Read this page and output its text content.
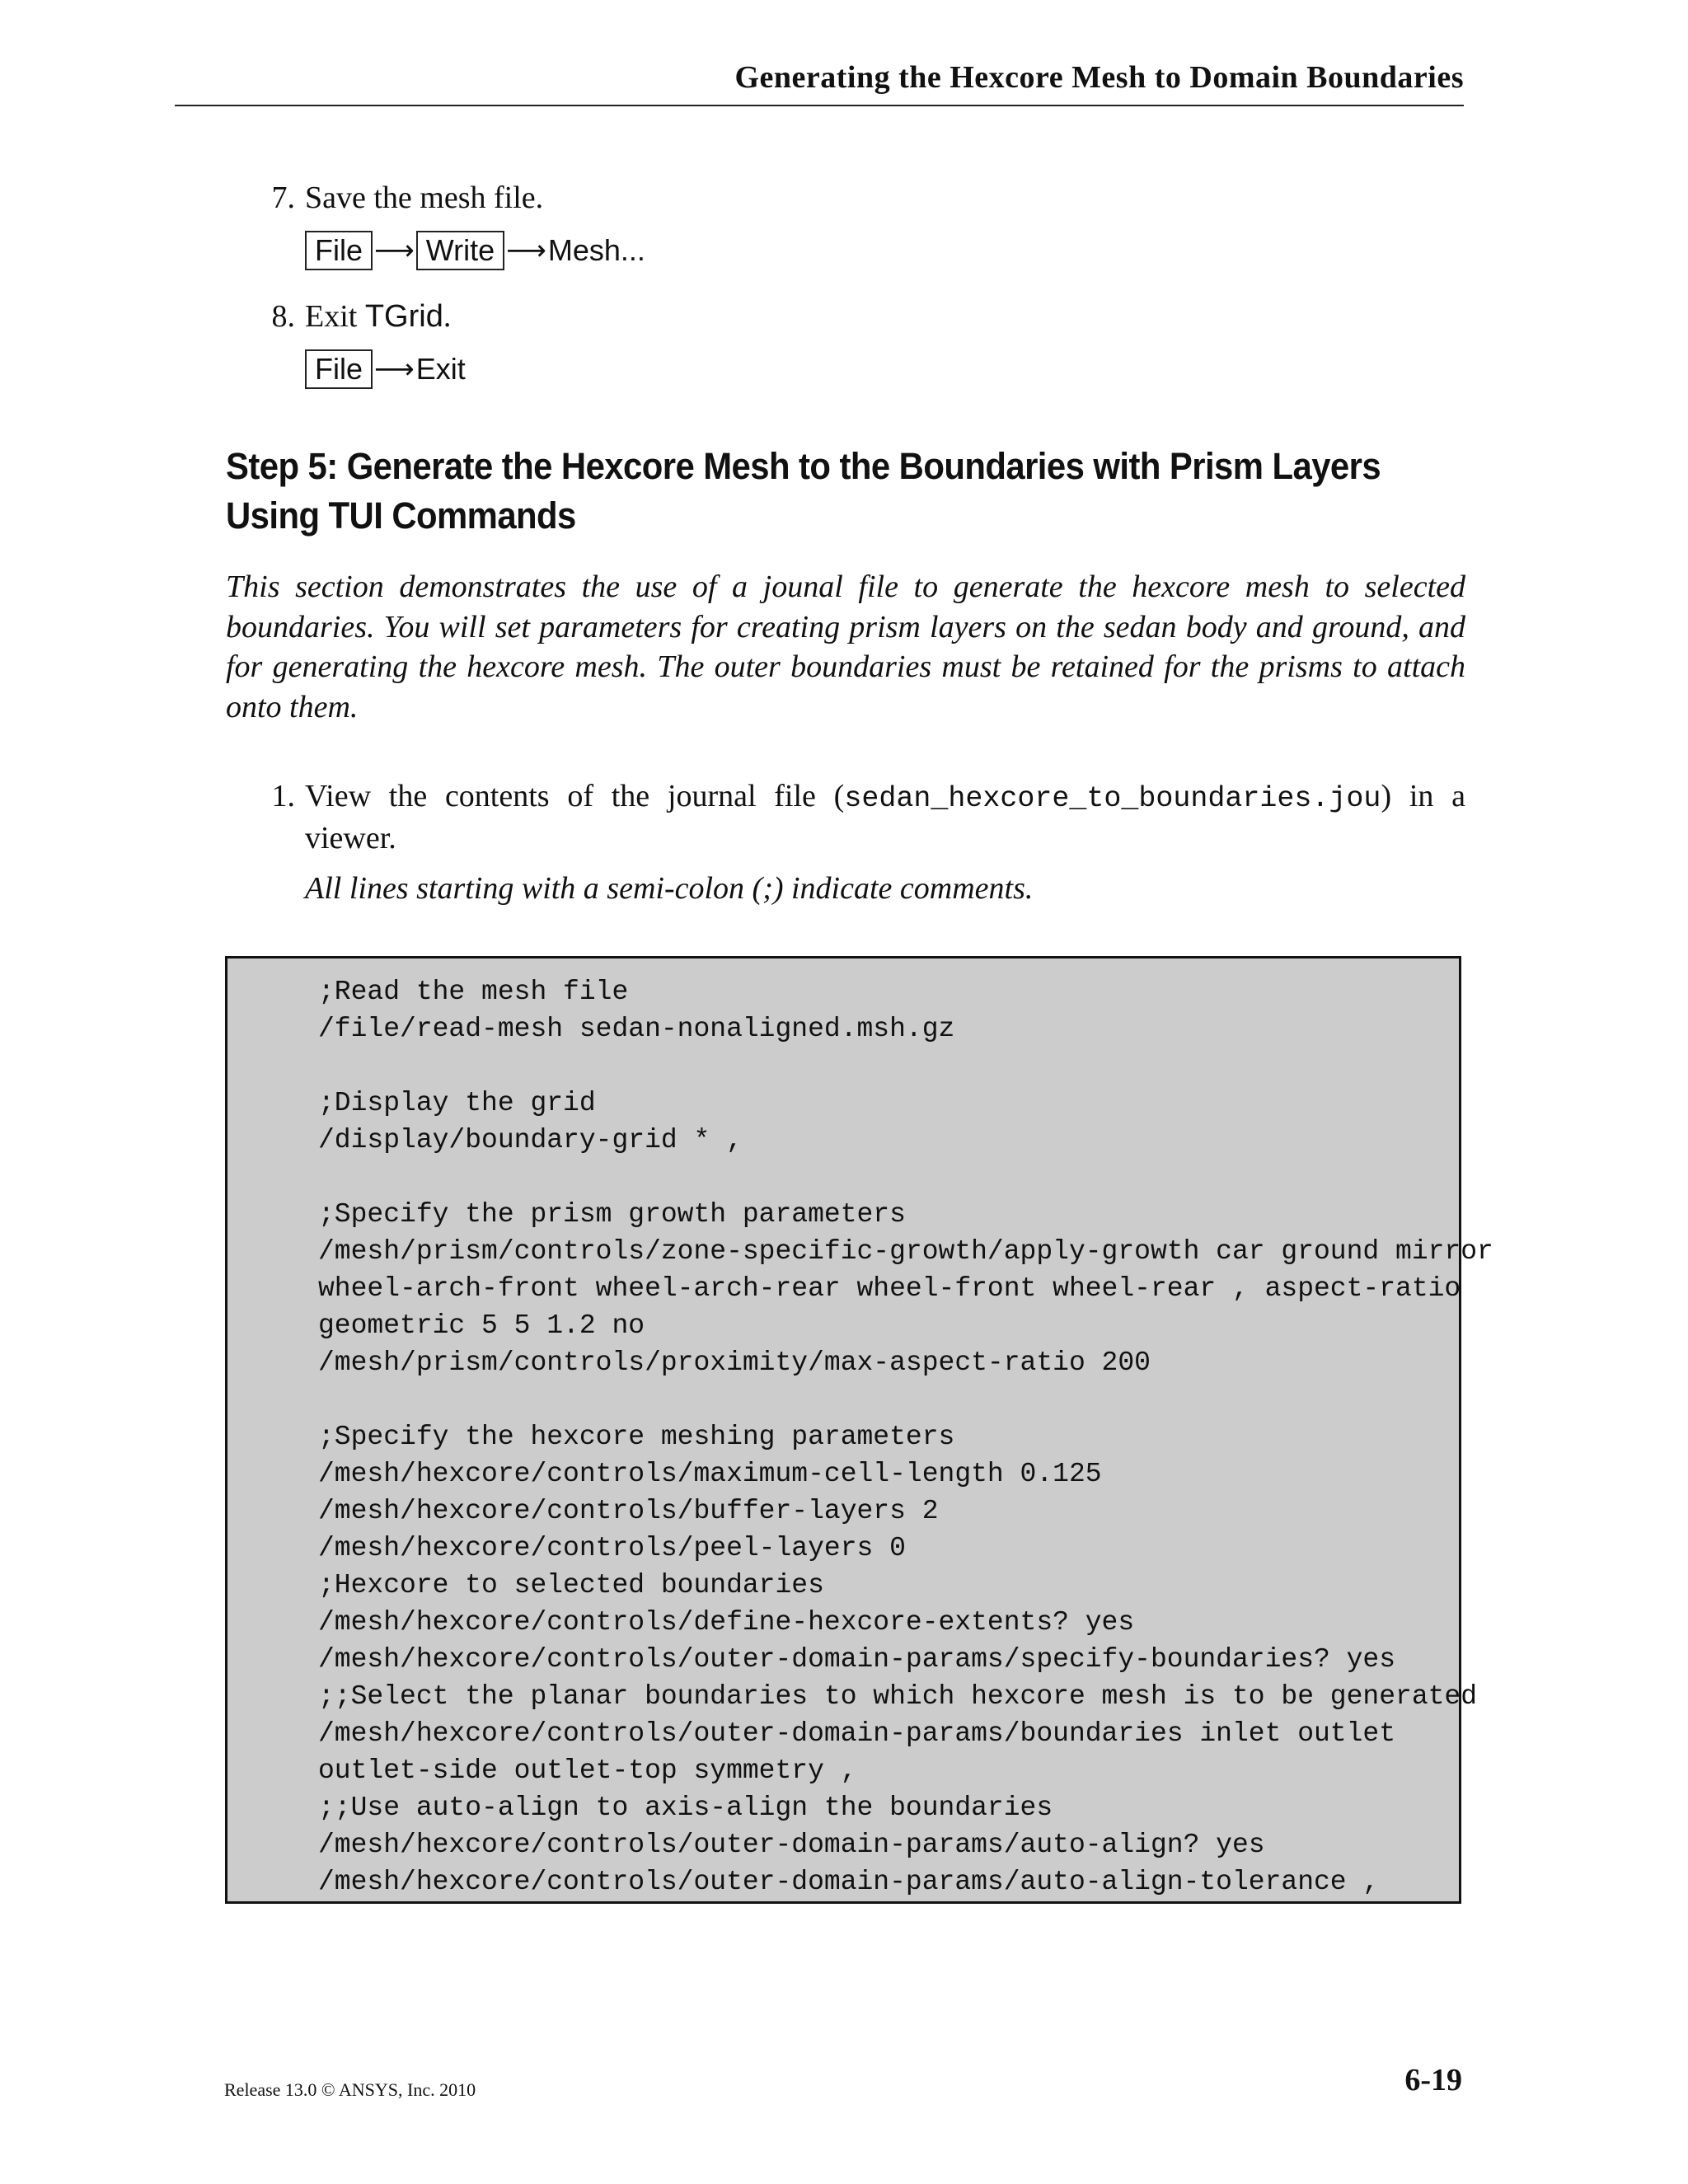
Generating the Hexcore Mesh to Domain Boundaries
7. Save the mesh file.
File ⟶ Write ⟶ Mesh...
8. Exit TGrid.
File ⟶ Exit
Step 5: Generate the Hexcore Mesh to the Boundaries with Prism Layers Using TUI Commands
This section demonstrates the use of a jounal file to generate the hexcore mesh to selected boundaries. You will set parameters for creating prism layers on the sedan body and ground, and for generating the hexcore mesh. The outer boundaries must be retained for the prisms to attach onto them.
1. View the contents of the journal file (sedan_hexcore_to_boundaries.jou) in a viewer.
All lines starting with a semi-colon (;) indicate comments.
;Read the mesh file
/file/read-mesh sedan-nonaligned.msh.gz
;Display the grid
/display/boundary-grid * ,
;Specify the prism growth parameters
/mesh/prism/controls/zone-specific-growth/apply-growth car ground mirror
wheel-arch-front wheel-arch-rear wheel-front wheel-rear , aspect-ratio
geometric 5 5 1.2 no
/mesh/prism/controls/proximity/max-aspect-ratio 200
;Specify the hexcore meshing parameters
/mesh/hexcore/controls/maximum-cell-length 0.125
/mesh/hexcore/controls/buffer-layers 2
/mesh/hexcore/controls/peel-layers 0
;Hexcore to selected boundaries
/mesh/hexcore/controls/define-hexcore-extents? yes
/mesh/hexcore/controls/outer-domain-params/specify-boundaries? yes
;;Select the planar boundaries to which hexcore mesh is to be generated
/mesh/hexcore/controls/outer-domain-params/boundaries inlet outlet
outlet-side outlet-top symmetry ,
;;Use auto-align to axis-align the boundaries
/mesh/hexcore/controls/outer-domain-params/auto-align? yes
/mesh/hexcore/controls/outer-domain-params/auto-align-tolerance ,
Release 13.0 © ANSYS, Inc. 2010	6-19
